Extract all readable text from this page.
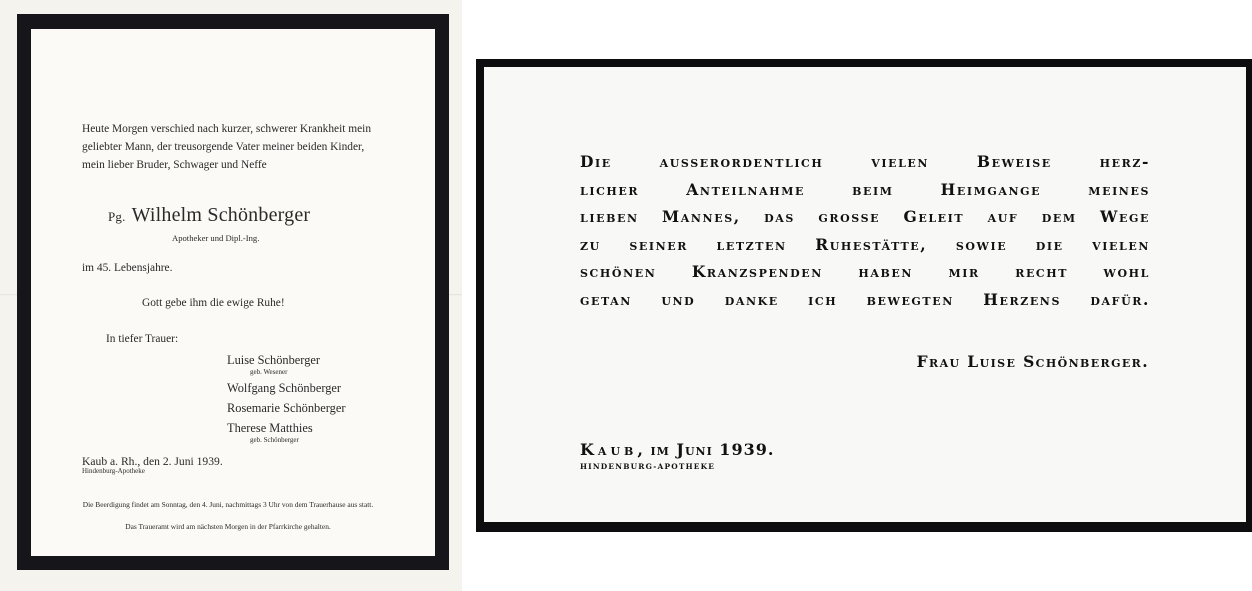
Heute Morgen verschied nach kurzer, schwerer Krankheit mein geliebter Mann, der treusorgende Vater meiner beiden Kinder, mein lieber Bruder, Schwager und Neffe
Pg. Wilhelm Schönberger
Apotheker und Dipl.-Ing.
im 45. Lebensjahre.
Gott gebe ihm die ewige Ruhe!
In tiefer Trauer:
Luise Schönberger
geb. Wesener
Wolfgang Schönberger
Rosemarie Schönberger
Therese Matthies
geb. Schönberger
Kaub a. Rh., den 2. Juni 1939.
Hindenburg-Apotheke
Die Beerdigung findet am Sonntag, den 4. Juni, nachmittags 3 Uhr von dem Trauerhause aus statt.
Das Traueramt wird am nächsten Morgen in der Pfarrkirche gehalten.
Die ausserordentlich vielen Beweise herz-
licher Anteilnahme beim Heimgange meines
lieben Mannes, das grosse Geleit auf dem Wege
zu seiner letzten Ruhestätte, sowie die vielen
schönen Kranzspenden haben mir recht wohl
getan und danke ich bewegten Herzens dafür.
Frau Luise Schönberger.
Kaub, im Juni 1939.
HINDENBURG-APOTHEKE
